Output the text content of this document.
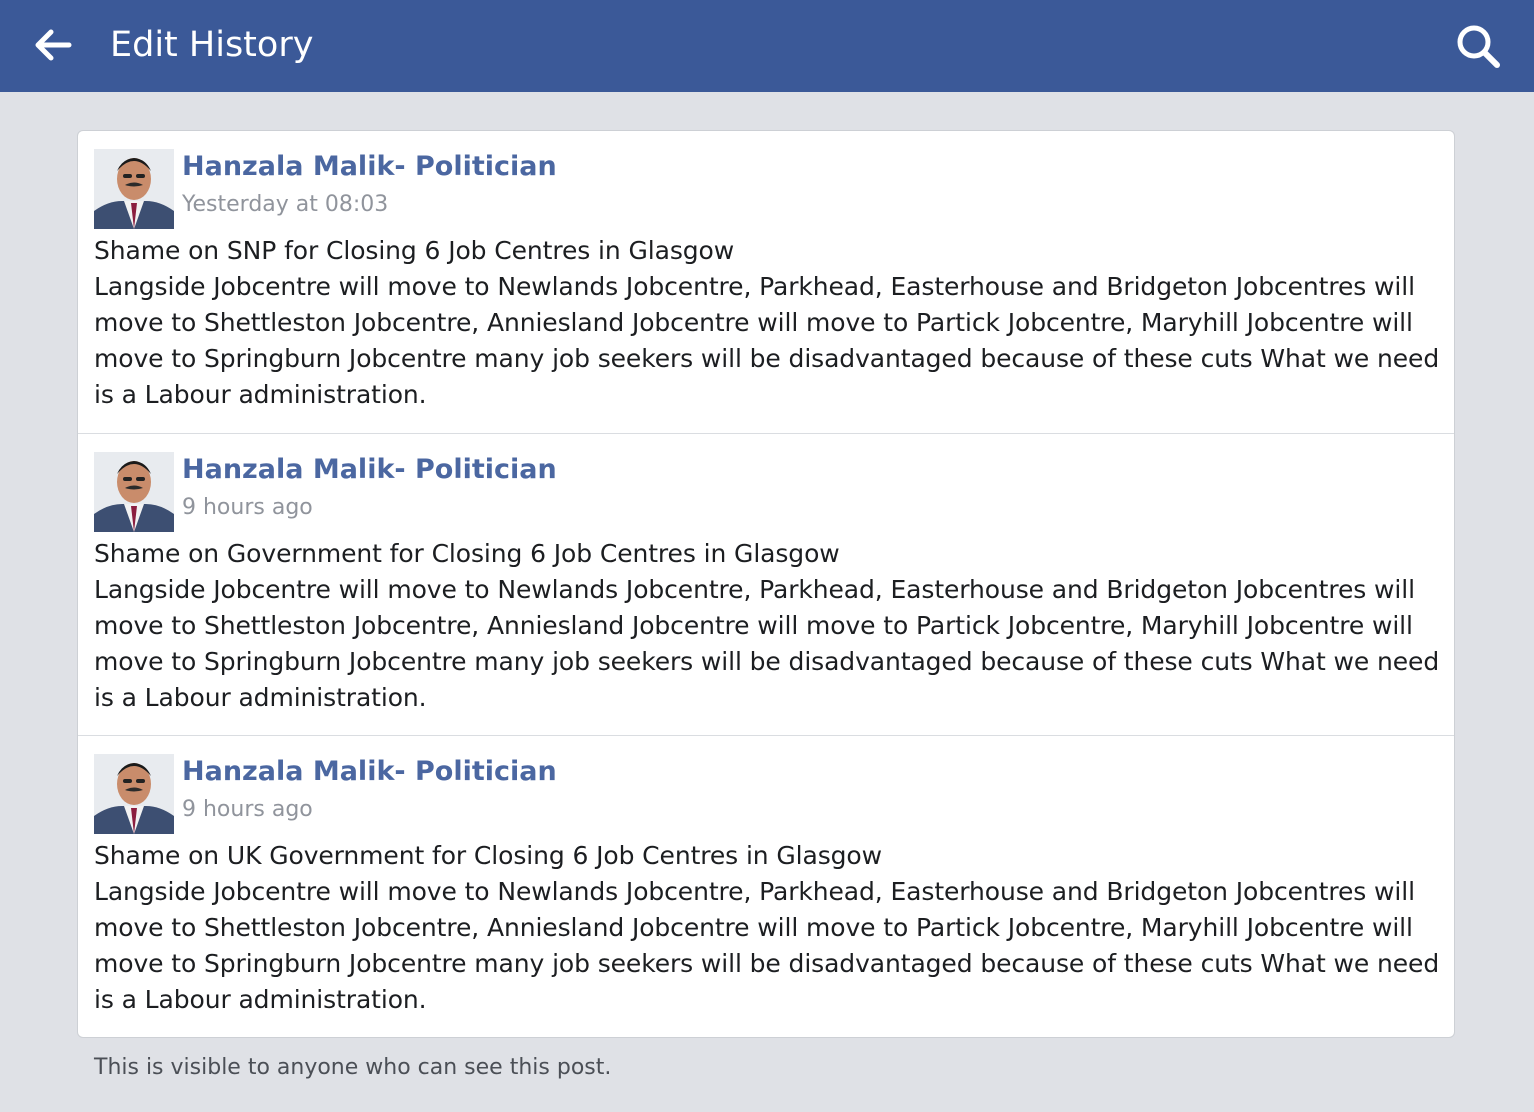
Edit History
Hanzala Malik- Politician
Yesterday at 08:03
Shame on SNP for Closing 6 Job Centres in Glasgow
Langside Jobcentre will move to Newlands Jobcentre, Parkhead, Easterhouse and Bridgeton Jobcentres will move to Shettleston Jobcentre, Anniesland Jobcentre will move to Partick Jobcentre, Maryhill Jobcentre will move to Springburn Jobcentre many job seekers will be disadvantaged because of these cuts What we need is a Labour administration.
Hanzala Malik- Politician
9 hours ago
Shame on Government for Closing 6 Job Centres in Glasgow
Langside Jobcentre will move to Newlands Jobcentre, Parkhead, Easterhouse and Bridgeton Jobcentres will move to Shettleston Jobcentre, Anniesland Jobcentre will move to Partick Jobcentre, Maryhill Jobcentre will move to Springburn Jobcentre many job seekers will be disadvantaged because of these cuts What we need is a Labour administration.
Hanzala Malik- Politician
9 hours ago
Shame on UK Government for Closing 6 Job Centres in Glasgow
Langside Jobcentre will move to Newlands Jobcentre, Parkhead, Easterhouse and Bridgeton Jobcentres will move to Shettleston Jobcentre, Anniesland Jobcentre will move to Partick Jobcentre, Maryhill Jobcentre will move to Springburn Jobcentre many job seekers will be disadvantaged because of these cuts What we need is a Labour administration.
This is visible to anyone who can see this post.
